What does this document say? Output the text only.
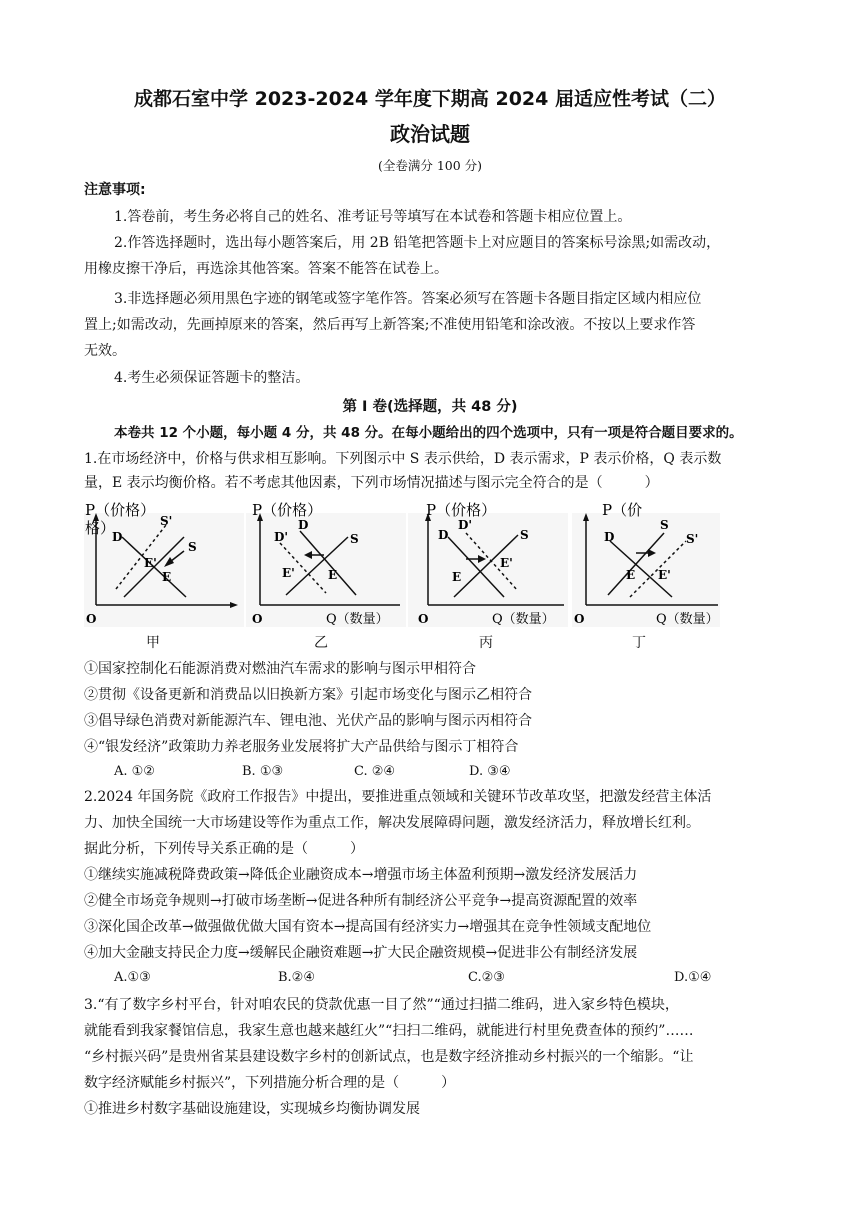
成都石室中学 2023-2024 学年度下期高 2024 届适应性考试（二）
政治试题
(全卷满分 100 分)
注意事项:
1.答卷前，考生务必将自己的姓名、准考证号等填写在本试卷和答题卡相应位置上。
2.作答选择题时，选出每小题答案后，用 2B 铅笔把答题卡上对应题目的答案标号涂黑;如需改动，
用橡皮擦干净后，再选涂其他答案。答案不能答在试卷上。
3.非选择题必须用黑色字迹的钢笔或签字笔作答。答案必须写在答题卡各题目指定区域内相应位
置上;如需改动，先画掉原来的答案，然后再写上新答案;不准使用铅笔和涂改液。不按以上要求作答
无效。
4.考生必须保证答题卡的整洁。
第 I 卷(选择题，共 48 分)
本卷共 12 个小题，每小题 4 分，共 48 分。在每小题给出的四个选项中，只有一项是符合题目要求的。
1.在市场经济中，价格与供求相互影响。下列图示中 S 表示供给，D 表示需求，P 表示价格，Q 表示数
量，E 表示均衡价格。若不考虑其他因素，下列市场情况描述与图示完全符合的是（　　　）
P（价格）
格）
O
D
S'
S
E'
E
P（价格）
O	Q（数量）
D'
D
S
E'	E
P（价格）
O	Q（数量）
D
D'
S
E
E'
P（价
O	Q（数量）
D
S
S'
E E'
甲	乙	丙	丁
①国家控制化石能源消费对燃油汽车需求的影响与图示甲相符合
②贯彻《设备更新和消费品以旧换新方案》引起市场变化与图示乙相符合
③倡导绿色消费对新能源汽车、锂电池、光伏产品的影响与图示丙相符合
④“银发经济”政策助力养老服务业发展将扩大产品供给与图示丁相符合
A. ①②	B. ①③	C. ②④	D. ③④
2.2024 年国务院《政府工作报告》中提出，要推进重点领域和关键环节改革攻坚，把激发经营主体活
力、加快全国统一大市场建设等作为重点工作，解决发展障碍问题，激发经济活力，释放增长红利。
据此分析，下列传导关系正确的是（　　　）
①继续实施减税降费政策→降低企业融资成本→增强市场主体盈利预期→激发经济发展活力
②健全市场竞争规则→打破市场垄断→促进各种所有制经济公平竞争→提高资源配置的效率
③深化国企改革→做强做优做大国有资本→提高国有经济实力→增强其在竞争性领域支配地位
④加大金融支持民企力度→缓解民企融资难题→扩大民企融资规模→促进非公有制经济发展
A.①③	B.②④	C.②③	D.①④
3.“有了数字乡村平台，针对咱农民的贷款优惠一目了然”“通过扫描二维码，进入家乡特色模块，
就能看到我家餐馆信息，我家生意也越来越红火”“扫扫二维码，就能进行村里免费查体的预约”……
“乡村振兴码”是贵州省某县建设数字乡村的创新试点，也是数字经济推动乡村振兴的一个缩影。“让
数字经济赋能乡村振兴”，下列措施分析合理的是（　　　）
①推进乡村数字基础设施建设，实现城乡均衡协调发展
